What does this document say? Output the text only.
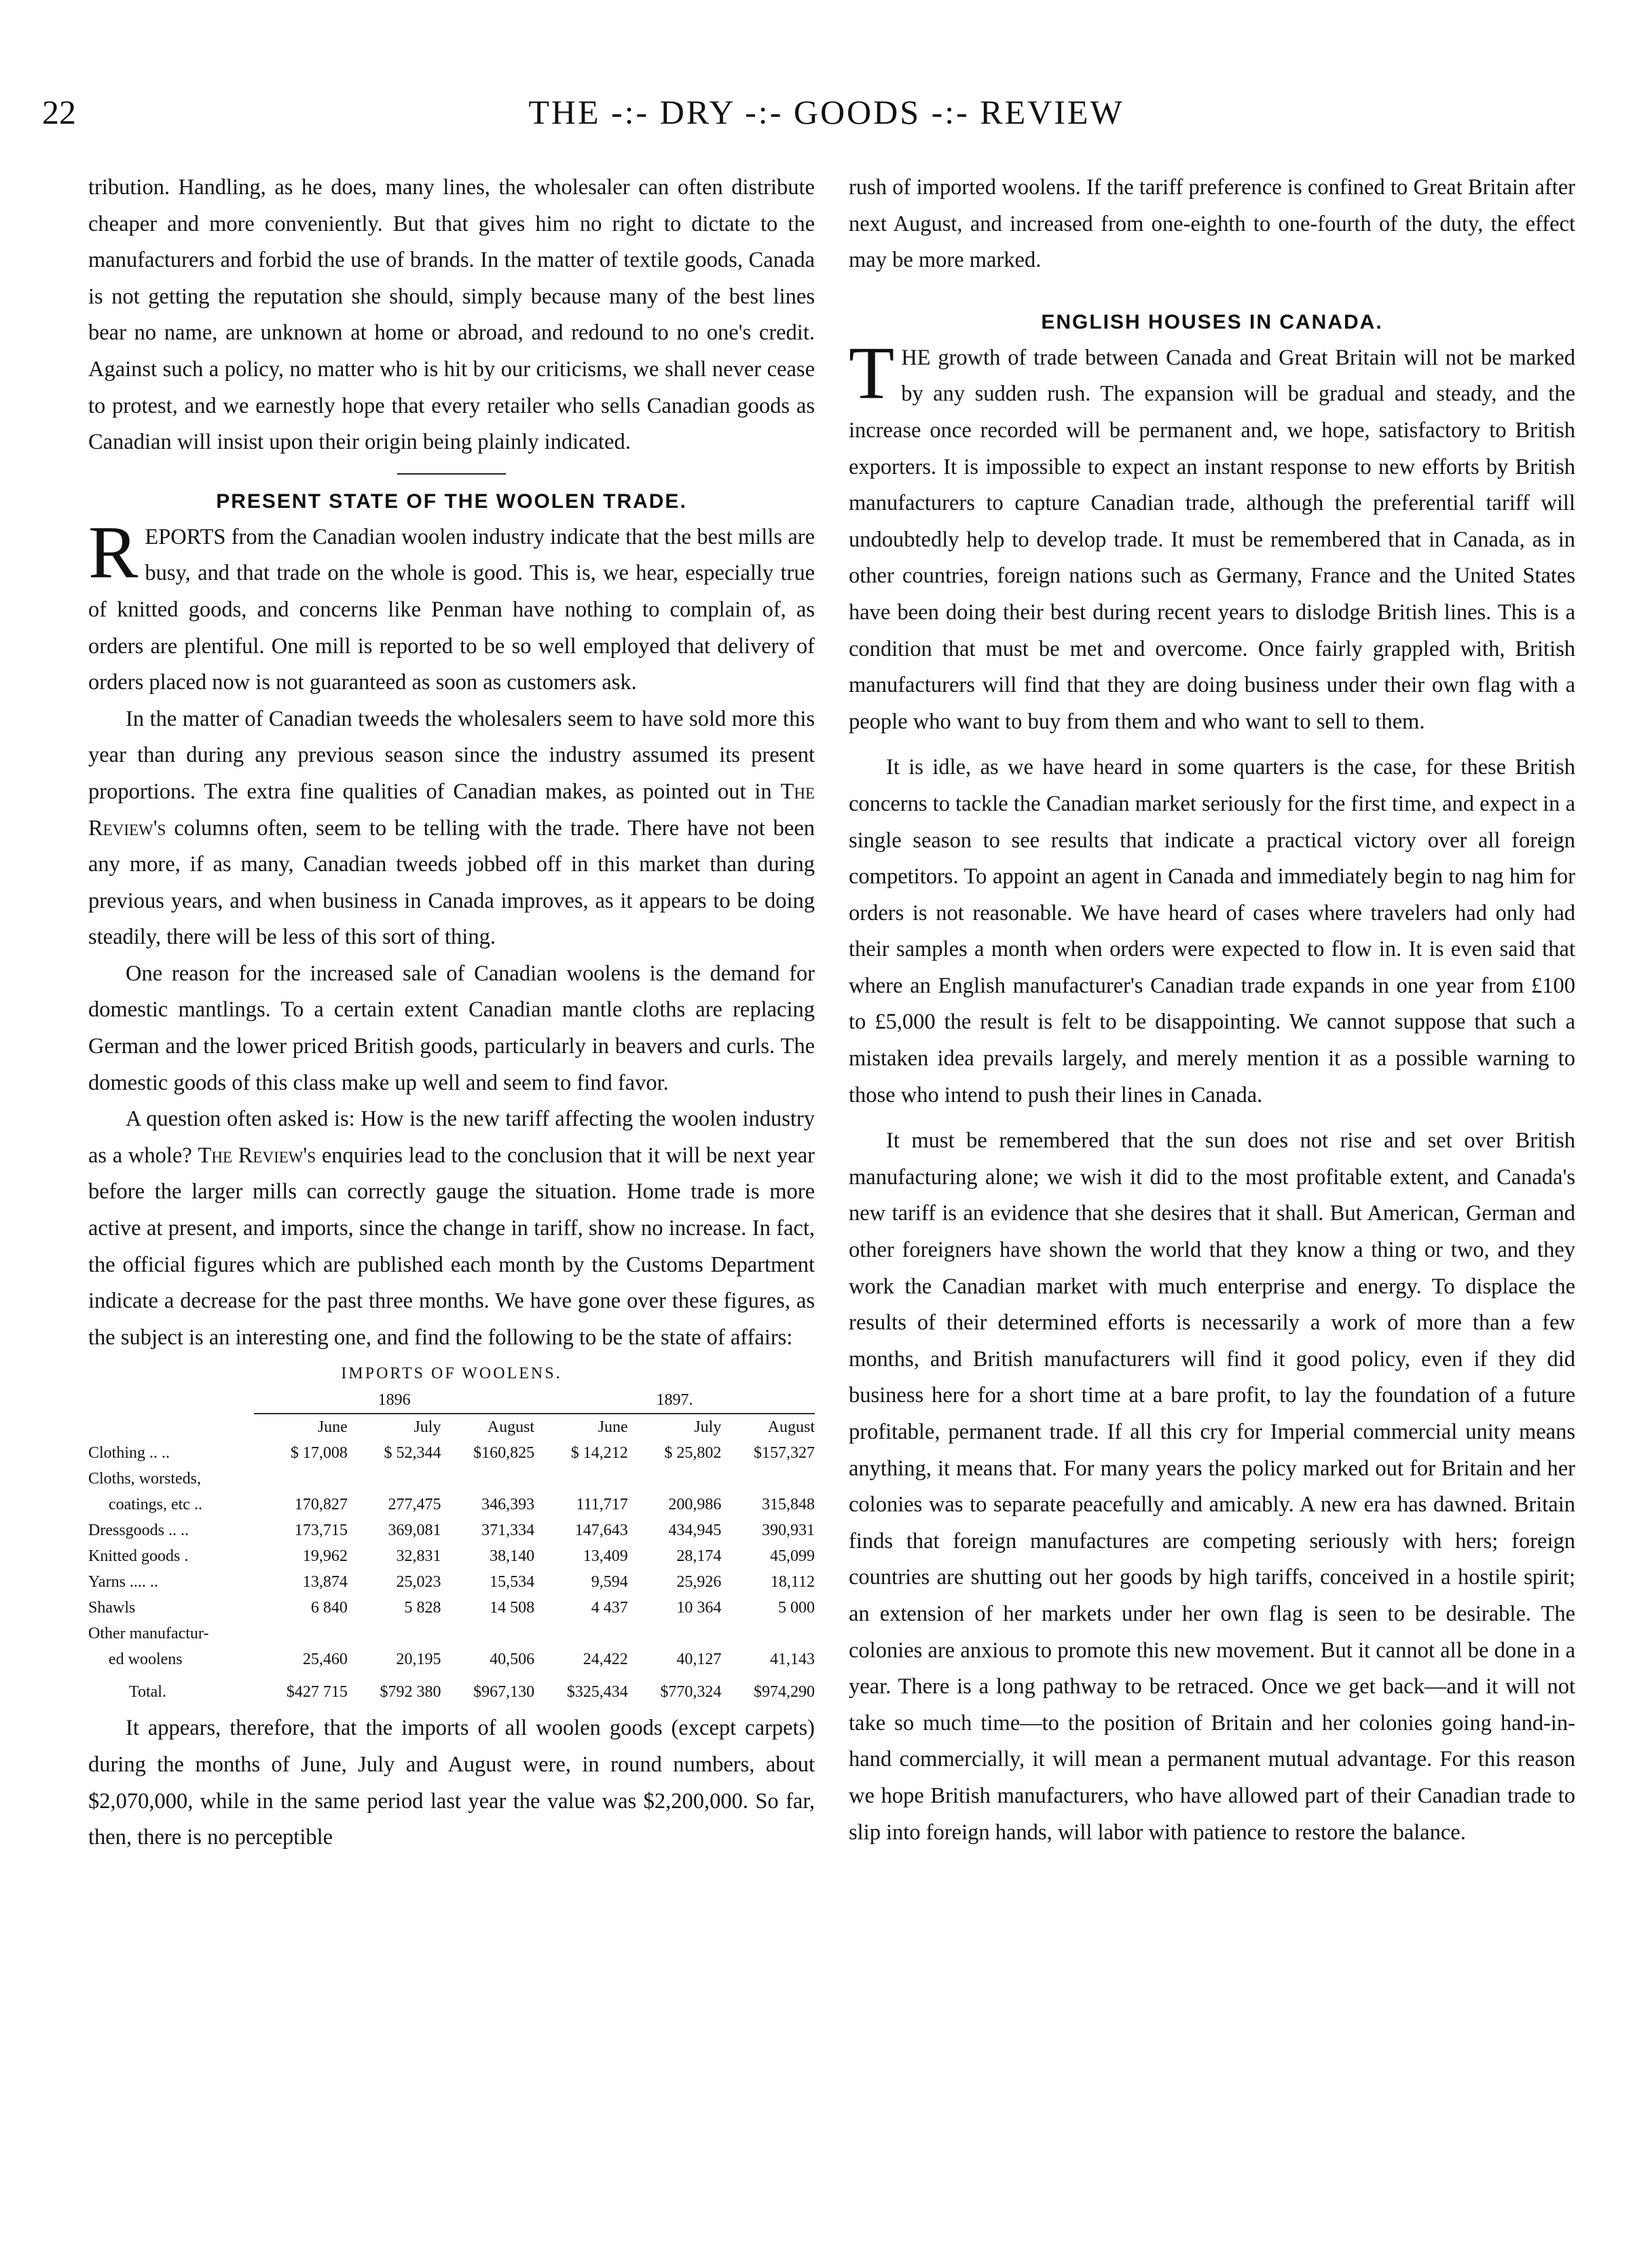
22	THE -:- DRY -:- GOODS -:- REVIEW

tribution. Handling, as he does, many lines, the wholesaler can often distribute cheaper and more conveniently. But that gives him no right to dictate to the manufacturers and forbid the use of brands. In the matter of textile goods, Canada is not getting the reputation she should, simply because many of the best lines bear no name, are unknown at home or abroad, and redound to no one's credit. Against such a policy, no matter who is hit by our criticisms, we shall never cease to protest, and we earnestly hope that every retailer who sells Canadian goods as Canadian will insist upon their origin being plainly indicated.

PRESENT STATE OF THE WOOLEN TRADE.

REPORTS from the Canadian woolen industry indicate that the best mills are busy, and that trade on the whole is good. This is, we hear, especially true of knitted goods, and concerns like Penman have nothing to complain of, as orders are plentiful. One mill is reported to be so well employed that delivery of orders placed now is not guaranteed as soon as customers ask.

In the matter of Canadian tweeds the wholesalers seem to have sold more this year than during any previous season since the industry assumed its present proportions. The extra fine qualities of Canadian makes, as pointed out in The Review's columns often, seem to be telling with the trade. There have not been any more, if as many, Canadian tweeds jobbed off in this market than during previous years, and when business in Canada improves, as it appears to be doing steadily, there will be less of this sort of thing.

One reason for the increased sale of Canadian woolens is the demand for domestic mantlings. To a certain extent Canadian mantle cloths are replacing German and the lower priced British goods, particularly in beavers and curls. The domestic goods of this class make up well and seem to find favor.

A question often asked is: How is the new tariff affecting the woolen industry as a whole? The Review's enquiries lead to the conclusion that it will be next year before the larger mills can correctly gauge the situation. Home trade is more active at present, and imports, since the change in tariff, show no increase. In fact, the official figures which are published each month by the Customs Department indicate a decrease for the past three months. We have gone over these figures, as the subject is an interesting one, and find the following to be the state of affairs:

IMPORTS OF WOOLENS.
	1896			1897.		
	June	July	August	June	July	August
Clothing .. ..	$ 17,008	$ 52,344	$160,825	$ 14,212	$ 25,802	$157,327
Cloths, worsteds,						
coatings, etc ..	170,827	277,475	346,393	111,717	200,986	315,848
Dressgoods .. ..	173,715	369,081	371,334	147,643	434,945	390,931
Knitted goods .	19,962	32,831	38,140	13,409	28,174	45,099
Yarns .... ..	13,874	25,023	15,534	9,594	25,926	18,112
Shawls	6 840	5 828	14 508	4 437	10 364	5 000
Other manufactur-						
ed woolens	25,460	20,195	40,506	24,422	40,127	41,143
Total.	$427 715	$792 380	$967,130	$325,434	$770,324	$974,290

It appears, therefore, that the imports of all woolen goods (except carpets) during the months of June, July and August were, in round numbers, about $2,070,000, while in the same period last year the value was $2,200,000. So far, then, there is no perceptible

rush of imported woolens. If the tariff preference is confined to Great Britain after next August, and increased from one-eighth to one-fourth of the duty, the effect may be more marked.

ENGLISH HOUSES IN CANADA.

THE growth of trade between Canada and Great Britain will not be marked by any sudden rush. The expansion will be gradual and steady, and the increase once recorded will be permanent and, we hope, satisfactory to British exporters. It is impossible to expect an instant response to new efforts by British manufacturers to capture Canadian trade, although the preferential tariff will undoubtedly help to develop trade. It must be remembered that in Canada, as in other countries, foreign nations such as Germany, France and the United States have been doing their best during recent years to dislodge British lines. This is a condition that must be met and overcome. Once fairly grappled with, British manufacturers will find that they are doing business under their own flag with a people who want to buy from them and who want to sell to them.

It is idle, as we have heard in some quarters is the case, for these British concerns to tackle the Canadian market seriously for the first time, and expect in a single season to see results that indicate a practical victory over all foreign competitors. To appoint an agent in Canada and immediately begin to nag him for orders is not reasonable. We have heard of cases where travelers had only had their samples a month when orders were expected to flow in. It is even said that where an English manufacturer's Canadian trade expands in one year from £100 to £5,000 the result is felt to be disappointing. We cannot suppose that such a mistaken idea prevails largely, and merely mention it as a possible warning to those who intend to push their lines in Canada.

It must be remembered that the sun does not rise and set over British manufacturing alone; we wish it did to the most profitable extent, and Canada's new tariff is an evidence that she desires that it shall. But American, German and other foreigners have shown the world that they know a thing or two, and they work the Canadian market with much enterprise and energy. To displace the results of their determined efforts is necessarily a work of more than a few months, and British manufacturers will find it good policy, even if they did business here for a short time at a bare profit, to lay the foundation of a future profitable, permanent trade. If all this cry for Imperial commercial unity means anything, it means that. For many years the policy marked out for Britain and her colonies was to separate peacefully and amicably. A new era has dawned. Britain finds that foreign manufactures are competing seriously with hers; foreign countries are shutting out her goods by high tariffs, conceived in a hostile spirit; an extension of her markets under her own flag is seen to be desirable. The colonies are anxious to promote this new movement. But it cannot all be done in a year. There is a long pathway to be retraced. Once we get back—and it will not take so much time—to the position of Britain and her colonies going hand-in-hand commercially, it will mean a permanent mutual advantage. For this reason we hope British manufacturers, who have allowed part of their Canadian trade to slip into foreign hands, will labor with patience to restore the balance.
